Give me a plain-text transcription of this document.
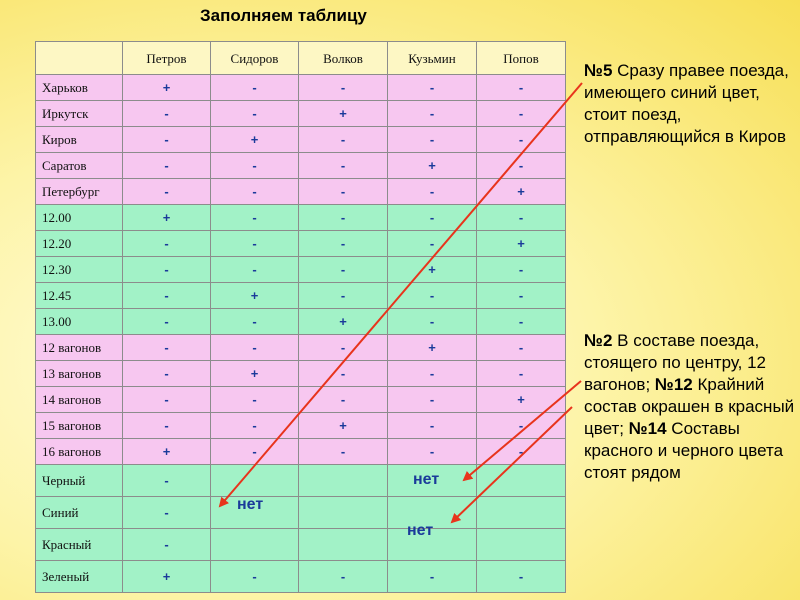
Заполняем таблицу
	Петров	Сидоров	Волков	Кузьмин	Попов
Харьков	+	-	-	-	-
Иркутск	-	-	+	-	-
Киров	-	+	-	-	-
Саратов	-	-	-	+	-
Петербург	-	-	-	-	+
12.00	+	-	-	-	-
12.20	-	-	-	-	+
12.30	-	-	-	+	-
12.45	-	+	-	-	-
13.00	-	-	+	-	-
12 вагонов	-	-	-	+	-
13 вагонов	-	+	-	-	-
14 вагонов	-	-	-	-	+
15 вагонов	-	-	+	-	-
16 вагонов	+	-	-	-	-
Черный	-				
Синий	-				
Красный	-				
Зеленый	+	-	-	-	-
№5 Сразу правее поезда, имеющего синий цвет, стоит поезд, отправляющийся в Киров
№2 В составе поезда, стоящего по центру, 12 вагонов; №12 Крайний состав окрашен в красный цвет; №14 Составы красного и черного цвета стоят рядом
нет
нет
нет
